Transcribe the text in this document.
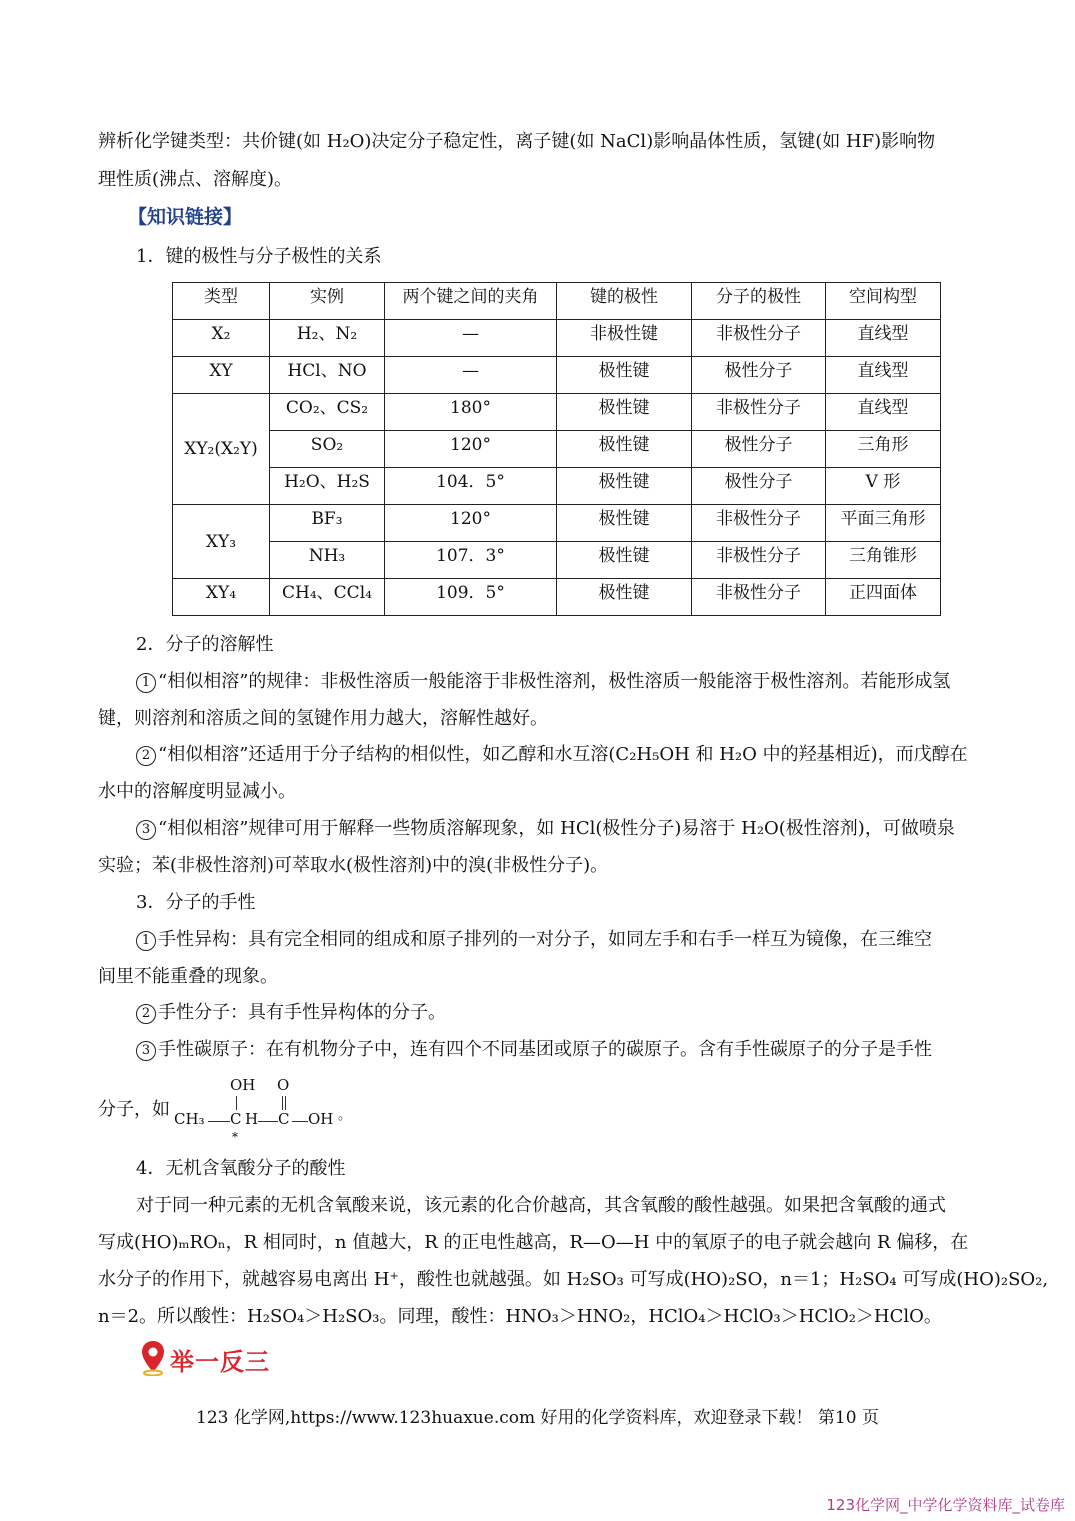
辨析化学键类型：共价键(如 H₂O)决定分子稳定性，离子键(如 NaCl)影响晶体性质，氢键(如 HF)影响物
理性质(沸点、溶解度)。
【知识链接】
1．键的极性与分子极性的关系
类型	实例	两个键之间的夹角	键的极性	分子的极性	空间构型
X₂	H₂、N₂	—	非极性键	非极性分子	直线型
XY	HCl、NO	—	极性键	极性分子	直线型
XY₂(X₂Y)	CO₂、CS₂	180°	极性键	非极性分子	直线型
	SO₂	120°	极性键	极性分子	三角形
	H₂O、H₂S	104．5°	极性键	极性分子	V 形
XY₃	BF₃	120°	极性键	非极性分子	平面三角形
	NH₃	107．3°	极性键	非极性分子	三角锥形
XY₄	CH₄、CCl₄	109．5°	极性键	非极性分子	正四面体
2．分子的溶解性
1 “相似相溶”的规律：非极性溶质一般能溶于非极性溶剂，极性溶质一般能溶于极性溶剂。若能形成氢
键，则溶剂和溶质之间的氢键作用力越大，溶解性越好。
2 “相似相溶”还适用于分子结构的相似性，如乙醇和水互溶(C₂H₅OH 和 H₂O 中的羟基相近)，而戊醇在
水中的溶解度明显减小。
3 “相似相溶”规律可用于解释一些物质溶解现象，如 HCl(极性分子)易溶于 H₂O(极性溶剂)，可做喷泉
实验；苯(非极性溶剂)可萃取水(极性溶剂)中的溴(非极性分子)。
3．分子的手性
1 手性异构：具有完全相同的组成和原子排列的一对分子，如同左手和右手一样互为镜像，在三维空
间里不能重叠的现象。
2 手性分子：具有手性异构体的分子。
3 手性碳原子：在有机物分子中，连有四个不同基团或原子的碳原子。含有手性碳原子的分子是手性
分子，如
OH O
CH₃ C H C OH 。
*
4．无机含氧酸分子的酸性
对于同一种元素的无机含氧酸来说，该元素的化合价越高，其含氧酸的酸性越强。如果把含氧酸的通式
写成(HO)ₘROₙ，R 相同时，n 值越大，R 的正电性越高，R—O—H 中的氧原子的电子就会越向 R 偏移，在
水分子的作用下，就越容易电离出 H⁺，酸性也就越强。如 H₂SO₃ 可写成(HO)₂SO，n＝1；H₂SO₄ 可写成(HO)₂SO₂,
n＝2。所以酸性：H₂SO₄＞H₂SO₃。同理，酸性：HNO₃＞HNO₂，HClO₄＞HClO₃＞HClO₂＞HClO。
举一反三
123 化学网,https://www.123huaxue.com 好用的化学资料库，欢迎登录下载！ 第10 页
123化学网_中学化学资料库_试卷库
